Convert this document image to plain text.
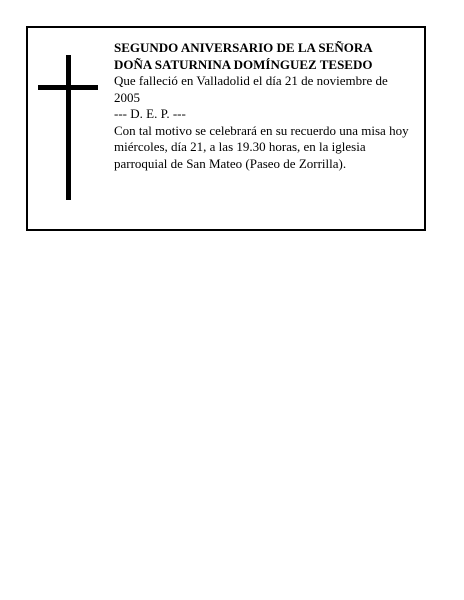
SEGUNDO ANIVERSARIO DE LA SEÑORA

DOÑA SATURNINA DOMÍNGUEZ TESEDO

Que falleció en Valladolid el día 21 de noviembre de 2005

--- D. E. P. ---

Con tal motivo se celebrará en su recuerdo una misa hoy miércoles, día 21, a las 19.30 horas, en la iglesia parroquial de San Mateo (Paseo de Zorrilla).
